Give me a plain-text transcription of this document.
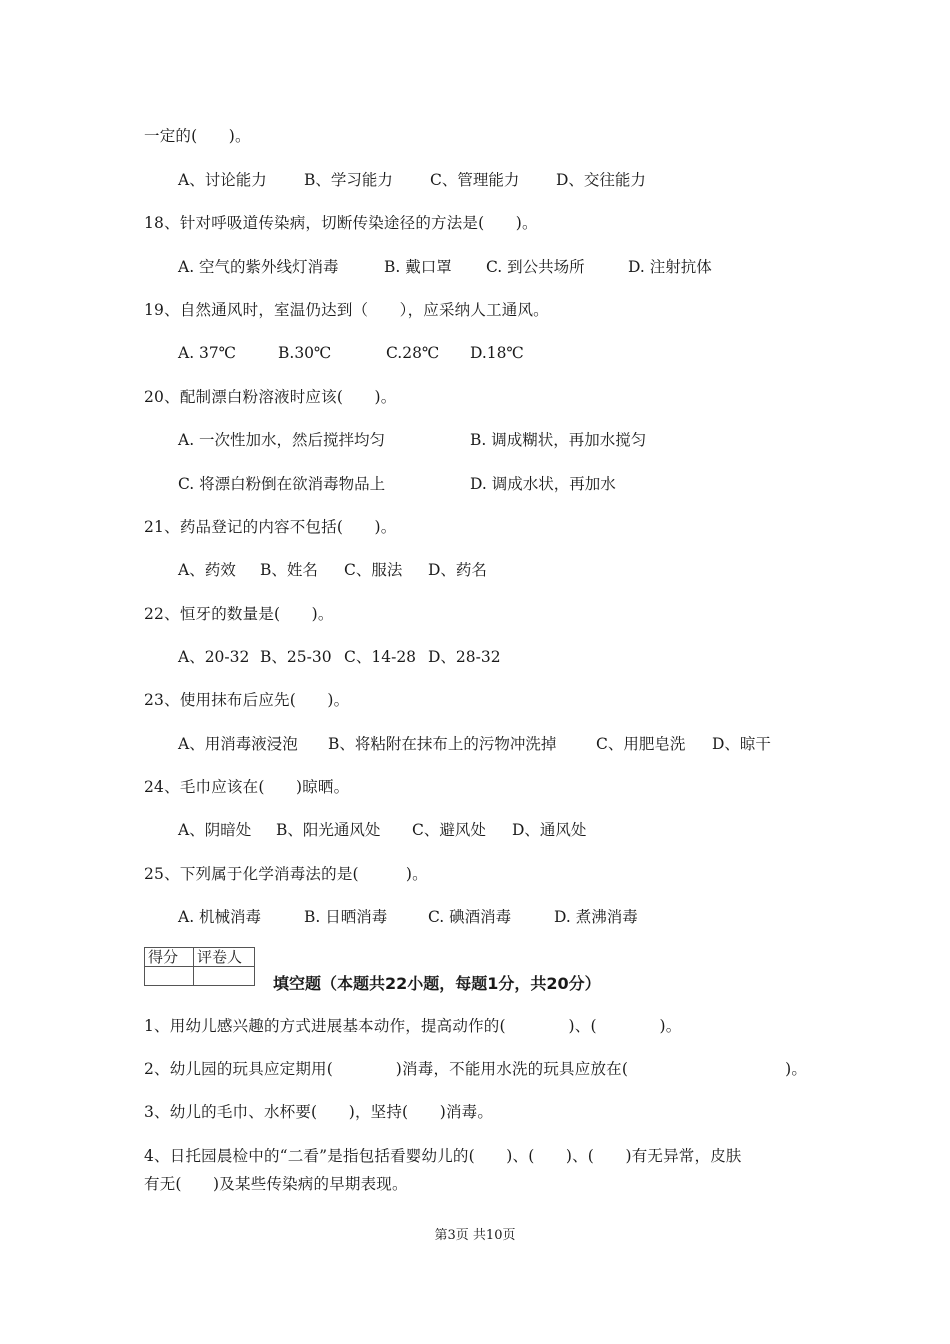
一定的(　　)。
A、讨论能力 B、学习能力 C、管理能力 D、交往能力
18、针对呼吸道传染病，切断传染途径的方法是(　　)。
A. 空气的紫外线灯消毒	B. 戴口罩 C. 到公共场所	D. 注射抗体
19、自然通风时，室温仍达到（　　），应采纳人工通风。
A. 37℃	B.30℃	C.28℃ D.18℃
20、配制漂白粉溶液时应该(　　)。
A. 一次性加水，然后搅拌均匀	B. 调成糊状，再加水搅匀
C. 将漂白粉倒在欲消毒物品上	D. 调成水状，再加水
21、药品登记的内容不包括(　　)。
A、药效 B、姓名 C、服法 D、药名
22、恒牙的数量是(　　)。
A、20-32 B、25-30 C、14-28 D、28-32
23、使用抹布后应先(　　)。
A、用消毒液浸泡 B、将粘附在抹布上的污物冲洗掉	C、用肥皂洗 D、晾干
24、毛巾应该在(　　)晾晒。
A、阴暗处 B、阳光通风处 C、避风处 D、通风处
25、下列属于化学消毒法的是(　　　)。
A. 机械消毒	B. 日晒消毒	C. 碘酒消毒	D. 煮沸消毒
得分	评卷人

填空题（本题共22小题，每题1分，共20分）
1、用幼儿感兴趣的方式进展基本动作，提高动作的(　　　　)、(　　　　)。
2、幼儿园的玩具应定期用(　　　　)消毒，不能用水洗的玩具应放在(　　　　　　　　　　)。
3、幼儿的毛巾、水杯要(　　)，坚持(　　)消毒。
4、日托园晨检中的“二看”是指包括看婴幼儿的(　　)、(　　)、(　　)有无异常，皮肤
有无(　　)及某些传染病的早期表现。
第3页 共10页
